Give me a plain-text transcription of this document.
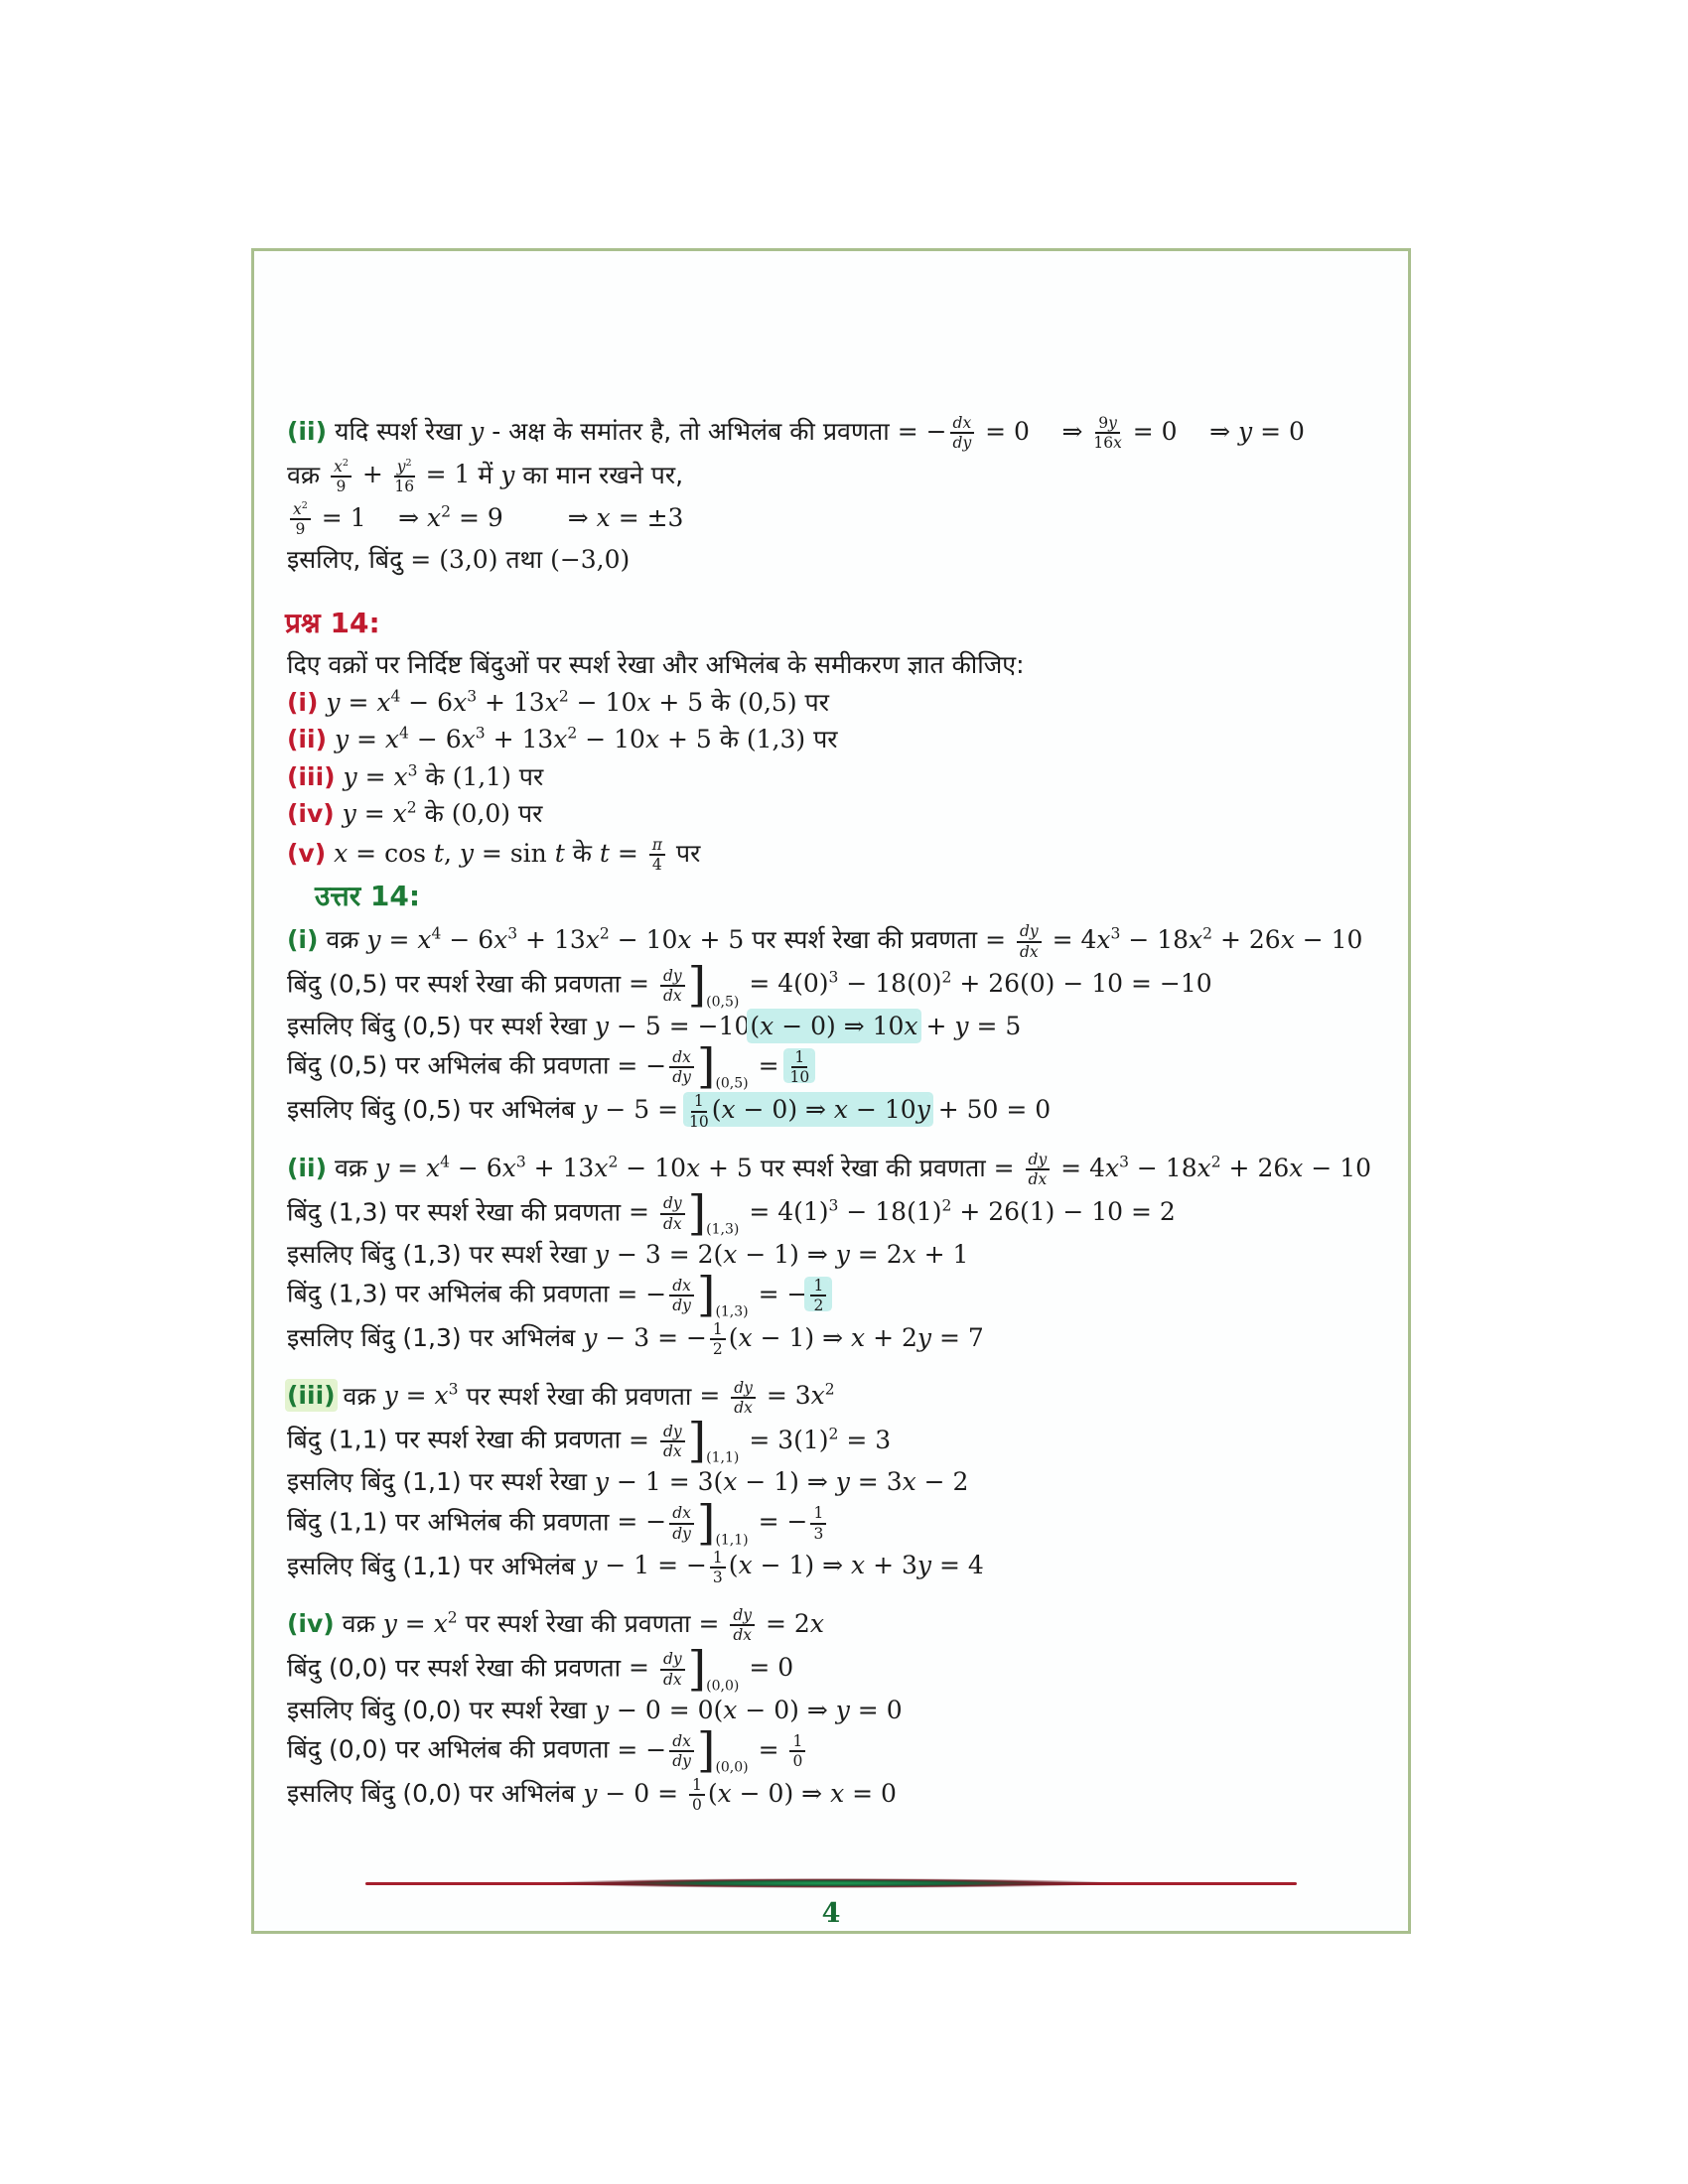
(ii) यदि स्पर्श रेखा y - अक्ष के समांतर है, तो अभिलंब की प्रवणता = − $\frac{dx}{dy} = 0$ ⇒ $\frac{9y}{16x} = 0$ ⇒ y = 0
वक्र $\frac{x^2}{9} + \frac{y^2}{16} = 1$ में y का मान रखने पर,
$\frac{x^2}{9} = 1$ ⇒ $x^2 = 9$	⇒ x = ±3
इसलिए, बिंदु = (3,0) तथा (−3,0)
प्रश्न 14:
दिए वक्रों पर निर्दिष्ट बिंदुओं पर स्पर्श रेखा और अभिलंब के समीकरण ज्ञात कीजिए:
(i) $y = x^4 - 6x^3 + 13x^2 - 10x + 5$ के (0,5) पर
(ii) $y = x^4 - 6x^3 + 13x^2 - 10x + 5$ के (1,3) पर
(iii) $y = x^3$ के (1,1) पर
(iv) $y = x^2$ के (0,0) पर
(v) x = cos t, y = sin t के $t = \frac{\pi}{4}$ पर
उत्तर 14:
(i) वक्र $y = x^4 - 6x^3 + 13x^2 - 10x + 5$ पर स्पर्श रेखा की प्रवणता = $\frac{dy}{dx} = 4x^3 - 18x^2 + 26x - 10$
बिंदु (0,5) पर स्पर्श रेखा की प्रवणता = $\frac{dy}{dx}$ ] (0,5)
= $4(0)^3 - 18(0)^2 + 26(0) - 10 = -10$
इसलिए बिंदु (0,5) पर स्पर्श रेखा y − 5 = −10(x − 0) ⇒ 10x + y = 5
बिंदु (0,5) पर अभिलंब की प्रवणता = − $\frac{dx}{dy}$ ] (0,5)
= $\frac{1}{10}$
इसलिए बिंदु (0,5) पर अभिलंब $y - 5 = \frac{1}{10} (x - 0)$ ⇒ x − 10y + 50 = 0
(ii) वक्र $y = x^4 - 6x^3 + 13x^2 - 10x + 5$ पर स्पर्श रेखा की प्रवणता = $\frac{dy}{dx} = 4x^3 - 18x^2 + 26x - 10$
बिंदु (1,3) पर स्पर्श रेखा की प्रवणता = $\frac{dy}{dx}$ ] (1,3)
= $4(1)^3 - 18(1)^2 + 26(1) - 10 = 2$
इसलिए बिंदु (1,3) पर स्पर्श रेखा y − 3 = 2(x − 1) ⇒ y = 2x + 1
बिंदु (1,3) पर अभिलंब की प्रवणता = − $\frac{dx}{dy}$ ] (1,3)
= − $\frac{1}{2}$
इसलिए बिंदु (1,3) पर अभिलंब y − 3 = − $\frac{1}{2} (x - 1)$ ⇒ x + 2y = 7
(iii) वक्र $y = x^3$ पर स्पर्श रेखा की प्रवणता = $\frac{dy}{dx} = 3x^2$
बिंदु (1,1) पर स्पर्श रेखा की प्रवणता = $\frac{dy}{dx}$ ] (1,1)
= $3(1)^2 = 3$
इसलिए बिंदु (1,1) पर स्पर्श रेखा y − 1 = 3(x − 1) ⇒ y = 3x − 2
बिंदु (1,1) पर अभिलंब की प्रवणता = − $\frac{dx}{dy}$ ] (1,1)
= − $\frac{1}{3}$
इसलिए बिंदु (1,1) पर अभिलंब y − 1 = − $\frac{1}{3} (x - 1)$ ⇒ x + 3y = 4
(iv) वक्र $y = x^2$ पर स्पर्श रेखा की प्रवणता = $\frac{dy}{dx} = 2x$
बिंदु (0,0) पर स्पर्श रेखा की प्रवणता = $\frac{dy}{dx}$ ] (0,0)
= 0
इसलिए बिंदु (0,0) पर स्पर्श रेखा y − 0 = 0(x − 0) ⇒ y = 0
बिंदु (0,0) पर अभिलंब की प्रवणता = − $\frac{dx}{dy}$ ] (0,0)
= $\frac{1}{0}$
इसलिए बिंदु (0,0) पर अभिलंब $y - 0 = \frac{1}{0} (x - 0)$ ⇒ x = 0
4
